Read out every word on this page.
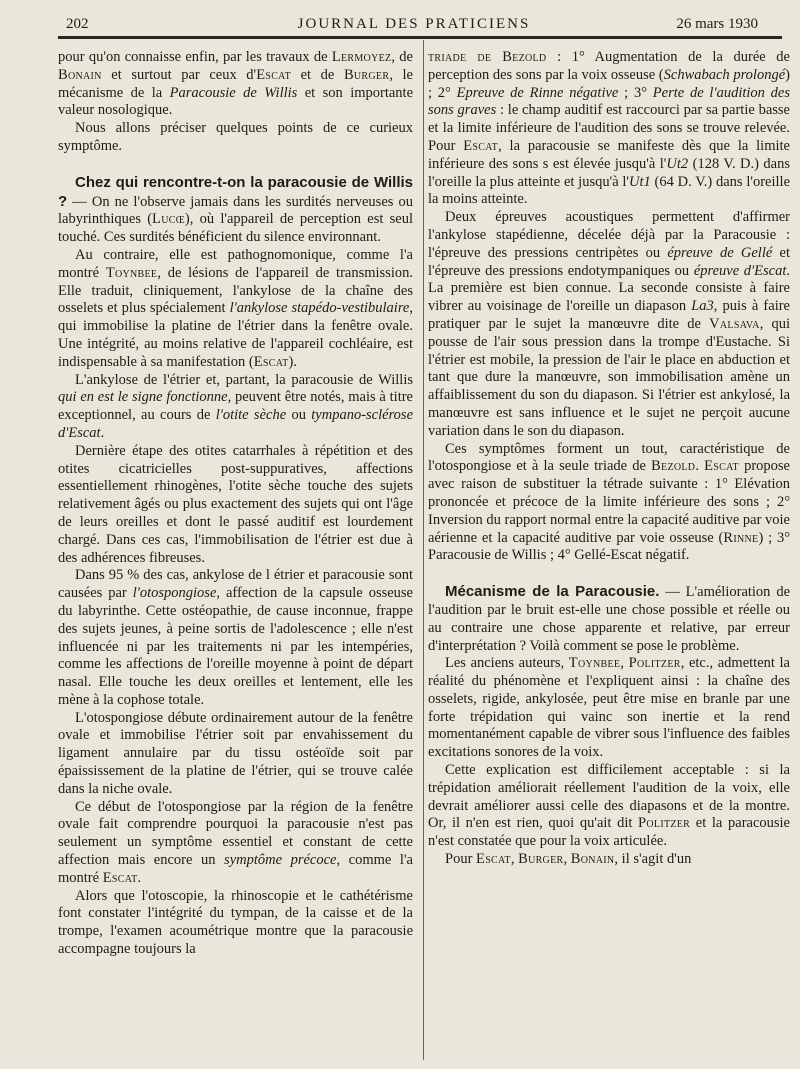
202	JOURNAL DES PRATICIENS	26 mars 1930

pour qu'on connaisse enfin, par les travaux de Lermoyez, de Bonain et surtout par ceux d'Escat et de Burger, le mécanisme de la Paracousie de Willis et son importante valeur nosologique.

Nous allons préciser quelques points de ce curieux symptôme.

Chez qui rencontre-t-on la paracousie de Willis ? — On ne l'observe jamais dans les surdités nerveuses ou labyrinthiques (Lucœ), où l'appareil de perception est seul touché. Ces surdités bénéficient du silence environnant.

Au contraire, elle est pathognomonique, comme l'a montré Toynbee, de lésions de l'appareil de transmission. Elle traduit, cliniquement, l'ankylose de la chaîne des osselets et plus spécialement l'ankylose stapédo-vestibulaire, qui immobilise la platine de l'étrier dans la fenêtre ovale. Une intégrité, au moins relative de l'appareil cochléaire, est indispensable à sa manifestation (Escat).

L'ankylose de l'étrier et, partant, la paracousie de Willis qui en est le signe fonctionne, peuvent être notés, mais à titre exceptionnel, au cours de l'otite sèche ou tympano-sclérose d'Escat.

Dernière étape des otites catarrhales à répétition et des otites cicatricielles post-suppuratives, affections essentiellement rhinogènes, l'otite sèche touche des sujets relativement âgés ou plus exactement des sujets qui ont l'âge de leurs oreilles et dont le passé auditif est lourdement chargé. Dans ces cas, l'immobilisation de l'étrier est due à des adhérences fibreuses.

Dans 95 % des cas, ankylose de l étrier et paracousie sont causées par l'otospongiose, affection de la capsule osseuse du labyrinthe. Cette ostéopathie, de cause inconnue, frappe des sujets jeunes, à peine sortis de l'adolescence ; elle n'est influencée ni par les traitements ni par les intempéries, comme les affections de l'oreille moyenne à point de départ nasal. Elle touche les deux oreilles et lentement, elle les mène à la cophose totale.

L'otospongiose débute ordinairement autour de la fenêtre ovale et immobilise l'étrier soit par envahissement du ligament annulaire par du tissu ostéoïde soit par épaississement de la platine de l'étrier, qui se trouve calée dans la niche ovale.

Ce début de l'otospongiose par la région de la fenêtre ovale fait comprendre pourquoi la paracousie n'est pas seulement un symptôme essentiel et constant de cette affection mais encore un symptôme précoce, comme l'a montré Escat.

Alors que l'otoscopie, la rhinoscopie et le cathétérisme font constater l'intégrité du tympan, de la caisse et de la trompe, l'examen acoumétrique montre que la paracousie accompagne toujours la

triade de Bezold : 1° Augmentation de la durée de perception des sons par la voix osseuse (Schwabach prolongé) ; 2° Epreuve de Rinne négative ; 3° Perte de l'audition des sons graves : le champ auditif est raccourci par sa partie basse et la limite inférieure de l'audition des sons se trouve relevée. Pour Escat, la paracousie se manifeste dès que la limite inférieure des sons s est élevée jusqu'à l'Ut2 (128 V. D.) dans l'oreille la plus atteinte et jusqu'à l'Ut1 (64 D. V.) dans l'oreille la moins atteinte.

Deux épreuves acoustiques permettent d'affirmer l'ankylose stapédienne, décelée déjà par la Paracousie : l'épreuve des pressions centripètes ou épreuve de Gellé et l'épreuve des pressions endotympaniques ou épreuve d'Escat. La première est bien connue. La seconde consiste à faire vibrer au voisinage de l'oreille un diapason La3, puis à faire pratiquer par le sujet la manœuvre dite de Valsava, qui pousse de l'air sous pression dans la trompe d'Eustache. Si l'étrier est mobile, la pression de l'air le place en abduction et tant que dure la manœuvre, son immobilisation amène un affaiblissement du son du diapason. Si l'étrier est ankylosé, la manœuvre est sans influence et le sujet ne perçoit aucune variation dans le son du diapason.

Ces symptômes forment un tout, caractéristique de l'otospongiose et à la seule triade de Bezold. Escat propose avec raison de substituer la tétrade suivante : 1° Elévation prononcée et précoce de la limite inférieure des sons ; 2° Inversion du rapport normal entre la capacité auditive par voie aérienne et la capacité auditive par voie osseuse (Rinne) ; 3° Paracousie de Willis ; 4° Gellé-Escat négatif.

Mécanisme de la Paracousie. — L'amélioration de l'audition par le bruit est-elle une chose possible et réelle ou au contraire une chose apparente et relative, par erreur d'interprétation ? Voilà comment se pose le problème.

Les anciens auteurs, Toynbee, Politzer, etc., admettent la réalité du phénomène et l'expliquent ainsi : la chaîne des osselets, rigide, ankylosée, peut être mise en branle par une forte trépidation qui vainc son inertie et la rend momentanément capable de vibrer sous l'influence des faibles excitations sonores de la voix.

Cette explication est difficilement acceptable : si la trépidation améliorait réellement l'audition de la voix, elle devrait améliorer aussi celle des diapasons et de la montre. Or, il n'en est rien, quoi qu'ait dit Politzer et la paracousie n'est constatée que pour la voix articulée.

Pour Escat, Burger, Bonain, il s'agit d'un
